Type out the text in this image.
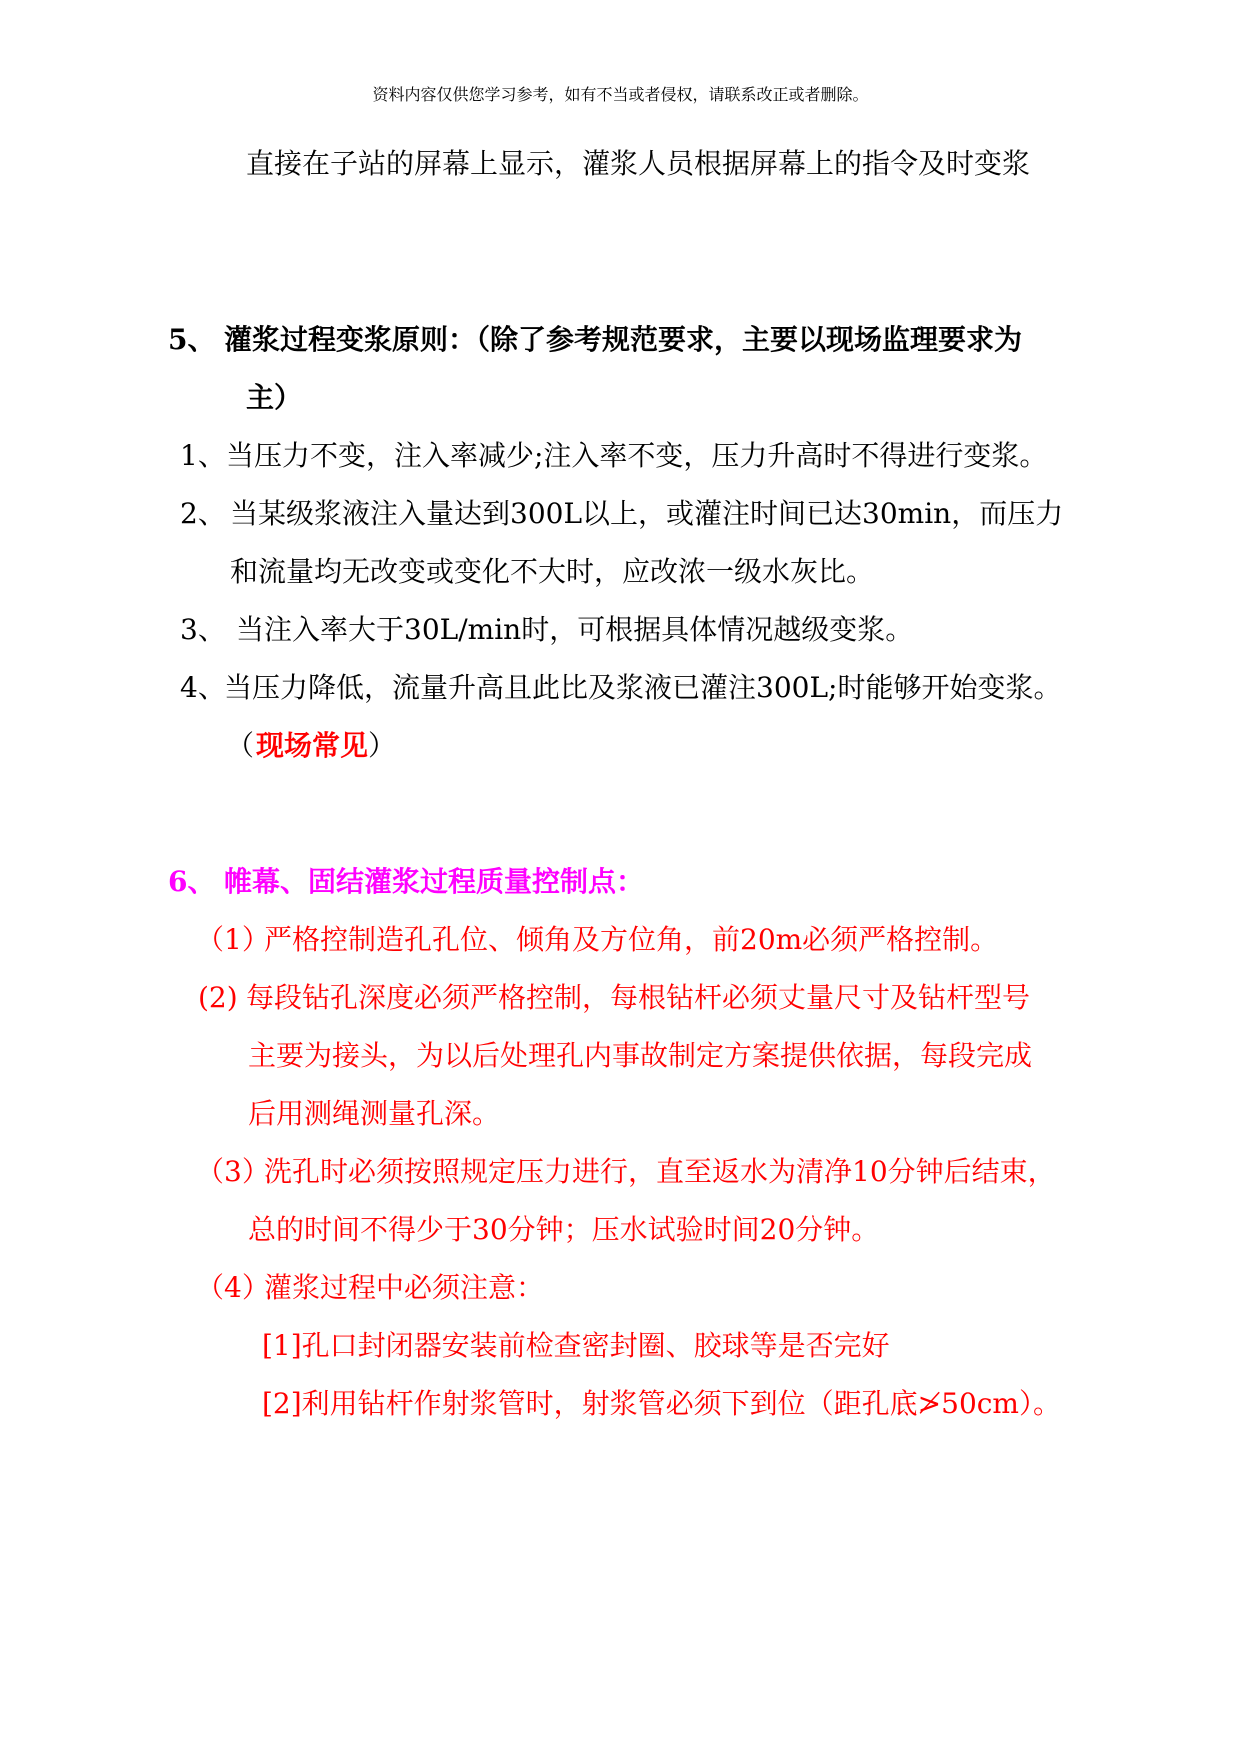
资料内容仅供您学习参考，如有不当或者侵权，请联系改正或者删除。
直接在子站的屏幕上显示，灌浆人员根据屏幕上的指令及时变浆
5、 灌浆过程变浆原则：（除了参考规范要求，主要以现场监理要求为
主）
1、 当压力不变，注入率减少;注入率不变，压力升高时不得进行变浆。
2、 当某级浆液注入量达到300L以上，或灌注时间已达30min，而压力
和流量均无改变或变化不大时，应改浓一级水灰比。
3、 当注入率大于30L/min时，可根据具体情况越级变浆。
4、
当压力降低，流量升高且此比及浆液已灌注300L;时能够开始变浆。
（ 现场常见 ）
6、 帷幕、固结灌浆过程质量控制点：
（1）
严格控制造孔孔位、倾角及方位角，前20m必须严格控制。
(2) 每段钻孔深度必须严格控制，每根钻杆必须丈量尺寸及钻杆型号
主要为接头，为以后处理孔内事故制定方案提供依据，每段完成
后用测绳测量孔深。
（3）
洗孔时必须按照规定压力进行，直至返水为清净10分钟后结束，
总的时间不得少于30分钟；压水试验时间20分钟。
（4）
灌浆过程中必须注意：
[1]孔口封闭器安装前检查密封圈、胶球等是否完好
[2]利用钻杆作射浆管时，射浆管必须下到位（距孔底≯50cm）。
